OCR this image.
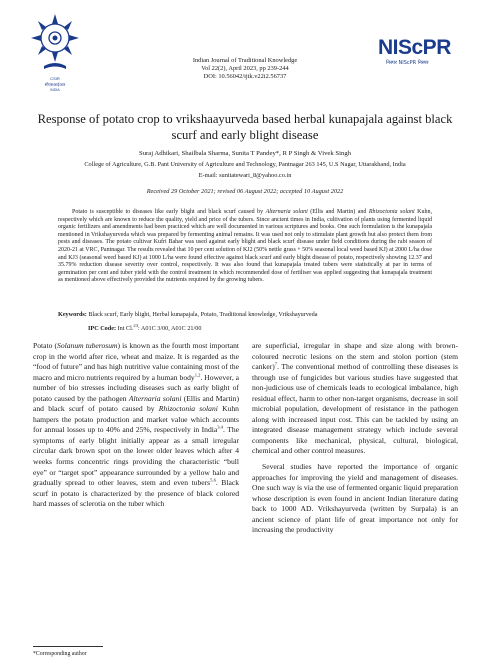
CSIR
सीएसआईआर
INDIA
Indian Journal of Traditional Knowledge
Vol 22(2), April 2023, pp 239-244
DOI: 10.56042/ijtk.v22i2.56737
NIScPR
निस्पर NIScPR निस्पर
Response of potato crop to vrikshaayurveda based herbal kunapajala against black scurf and early blight disease
Suraj Adhikari, Shailbala Sharma, Sunita T Pandey*, R P Singh & Vivek Singh
College of Agriculture, G.B. Pant University of Agriculture and Technology, Pantnagar 263 145, U.S Nagar, Uttarakhand, India
E-mail: sunitatewari_8@yahoo.co.in
Received 29 October 2021; revised 06 August 2022; accepted 10 August 2022
Potato is susceptible to diseases like early blight and black scurf caused by Alternaria solani (Ellis and Martin) and Rhizoctonia solani Kuhn, respectively which are known to reduce the quality, yield and price of the tubers. Since ancient times in India, cultivation of plants using fermented liquid organic fertilizers and amendments had been practiced which are well documented in various scriptures and books. One such formulation is the kunapajala mentioned in Vrikshayurveda which was prepared by fermenting animal remains. It was used not only to stimulate plant growth but also protect them from pests and diseases. The potato cultivar Kufri Bahar was used against early blight and black scurf disease under field conditions during the rabi season of 2020-21 at VRC, Pantnagar. The results revealed that 10 per cent solution of KJ2 (50% nettle grass + 50% seasonal local weed based KJ) at 2000 L/ha dose and KJ3 (seasonal weed based KJ) at 1000 L/ha were found effective against black scurf and early blight disease of potato, respectively showing 12.37 and 35.79% reduction disease severity over control, respectively. It was also found that kunapajala treated tubers were statistically at par in terms of germination per cent and tuber yield with the control treatment in which recommended dose of fertiliser was applied suggesting that kunapajala treatment as mentioned above effectively provided the nutrients required by the growing tubers.
Keywords: Black scurf, Early blight, Herbal kunapajala, Potato, Traditional knowledge, Vrikshayurveda
IPC Code: Int Cl.$^{23}$: A01C 3/00, A01C 21/00
Potato (Solanum tuberosum) is known as the fourth most important crop in the world after rice, wheat and maize. It is regarded as the “food of future” and has high nutritive value containing most of the macro and micro nutrients required by a human body$^{1,2}$. However, a number of bio stresses including diseases such as early blight of potato caused by the pathogen Alternaria solani (Ellis and Martin) and black scurf of potato caused by Rhizoctonia solani Kuhn hampers the potato production and market value which accounts for annual losses up to 40% and 25%, respectively in India$^{3,4}$. The symptoms of early blight initially appear as a small irregular circular dark brown spot on the lower older leaves which after 4 weeks forms concentric rings providing the characteristic “bull eye” or “target spot” appearance surrounded by a yellow halo and gradually spread to other leaves, stem and even tubers$^{5,6}$. Black scurf in potato is characterized by the presence of black colored hard masses of sclerotia on the tuber which

are superficial, irregular in shape and size along with brown-coloured necrotic lesions on the stem and stolon portion (stem canker)$^7$. The conventional method of controlling these diseases is through use of fungicides but various studies have suggested that non-judicious use of chemicals leads to ecological imbalance, high residual effect, harm to other non-target organisms, decrease in soil microbial population, development of resistance in the pathogen along with increased input cost. This can be tackled by using an integrated disease management strategy which include several components like mechanical, physical, cultural, biological, chemical and other control measures.

Several studies have reported the importance of organic approaches for improving the yield and management of diseases. One such way is via the use of fermented organic liquid preparation whose description is even found in ancient Indian literature dating back to 1000 AD. Vrikshayurveda (written by Surpala) is an ancient science of plant life of great importance not only for increasing the productivity

*Corresponding author
